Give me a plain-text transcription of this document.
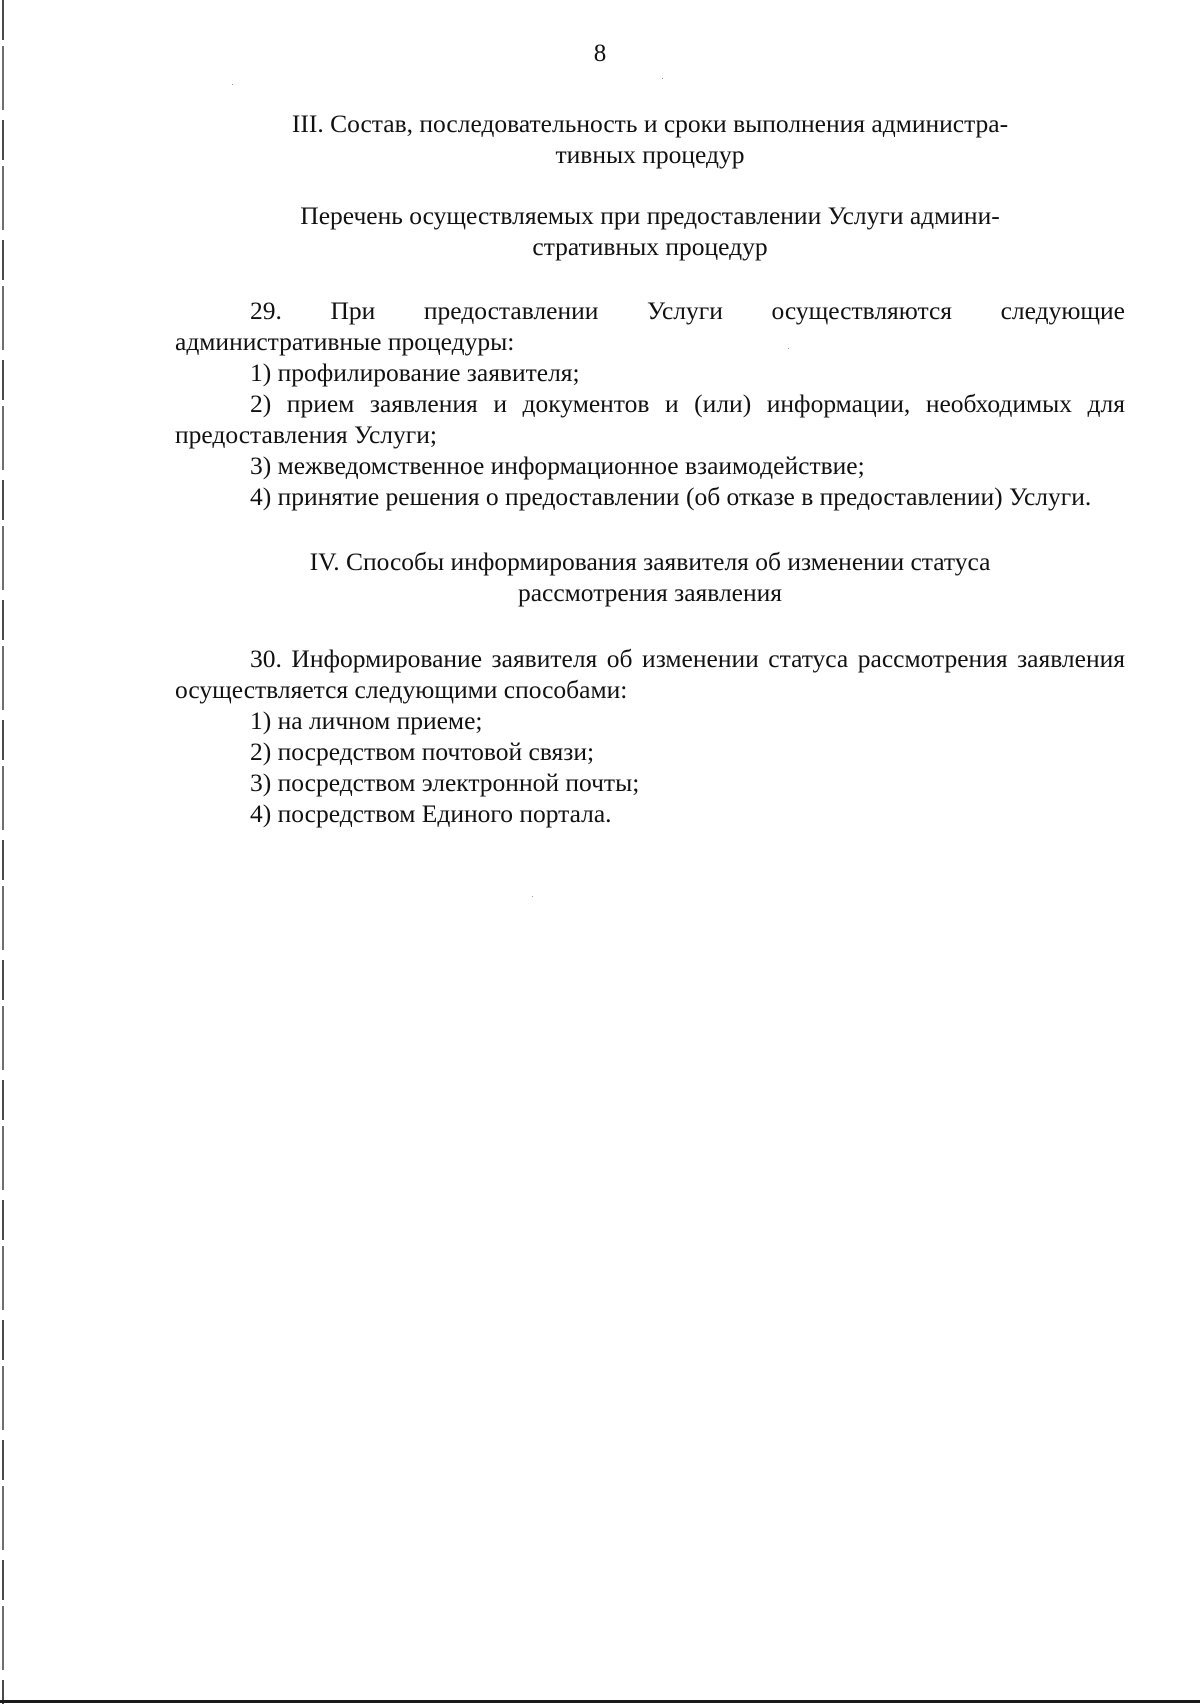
8
III. Состав, последовательность и сроки выполнения администра-
тивных процедур
Перечень осуществляемых при предоставлении Услуги админи-
стративных процедур

29. При предоставлении Услуги осуществляются следующие административные процедуры:

1) профилирование заявителя;

2) прием заявления и документов и (или) информации, необходимых для предоставления Услуги;

3) межведомственное информационное взаимодействие;

4) принятие решения о предоставлении (об отказе в предоставлении) Услуги.

IV. Способы информирования заявителя об изменении статуса
рассмотрения заявления

30. Информирование заявителя об изменении статуса рассмотрения заявления осуществляется следующими способами:

1) на личном приеме;

2) посредством почтовой связи;

3) посредством электронной почты;

4) посредством Единого портала.
